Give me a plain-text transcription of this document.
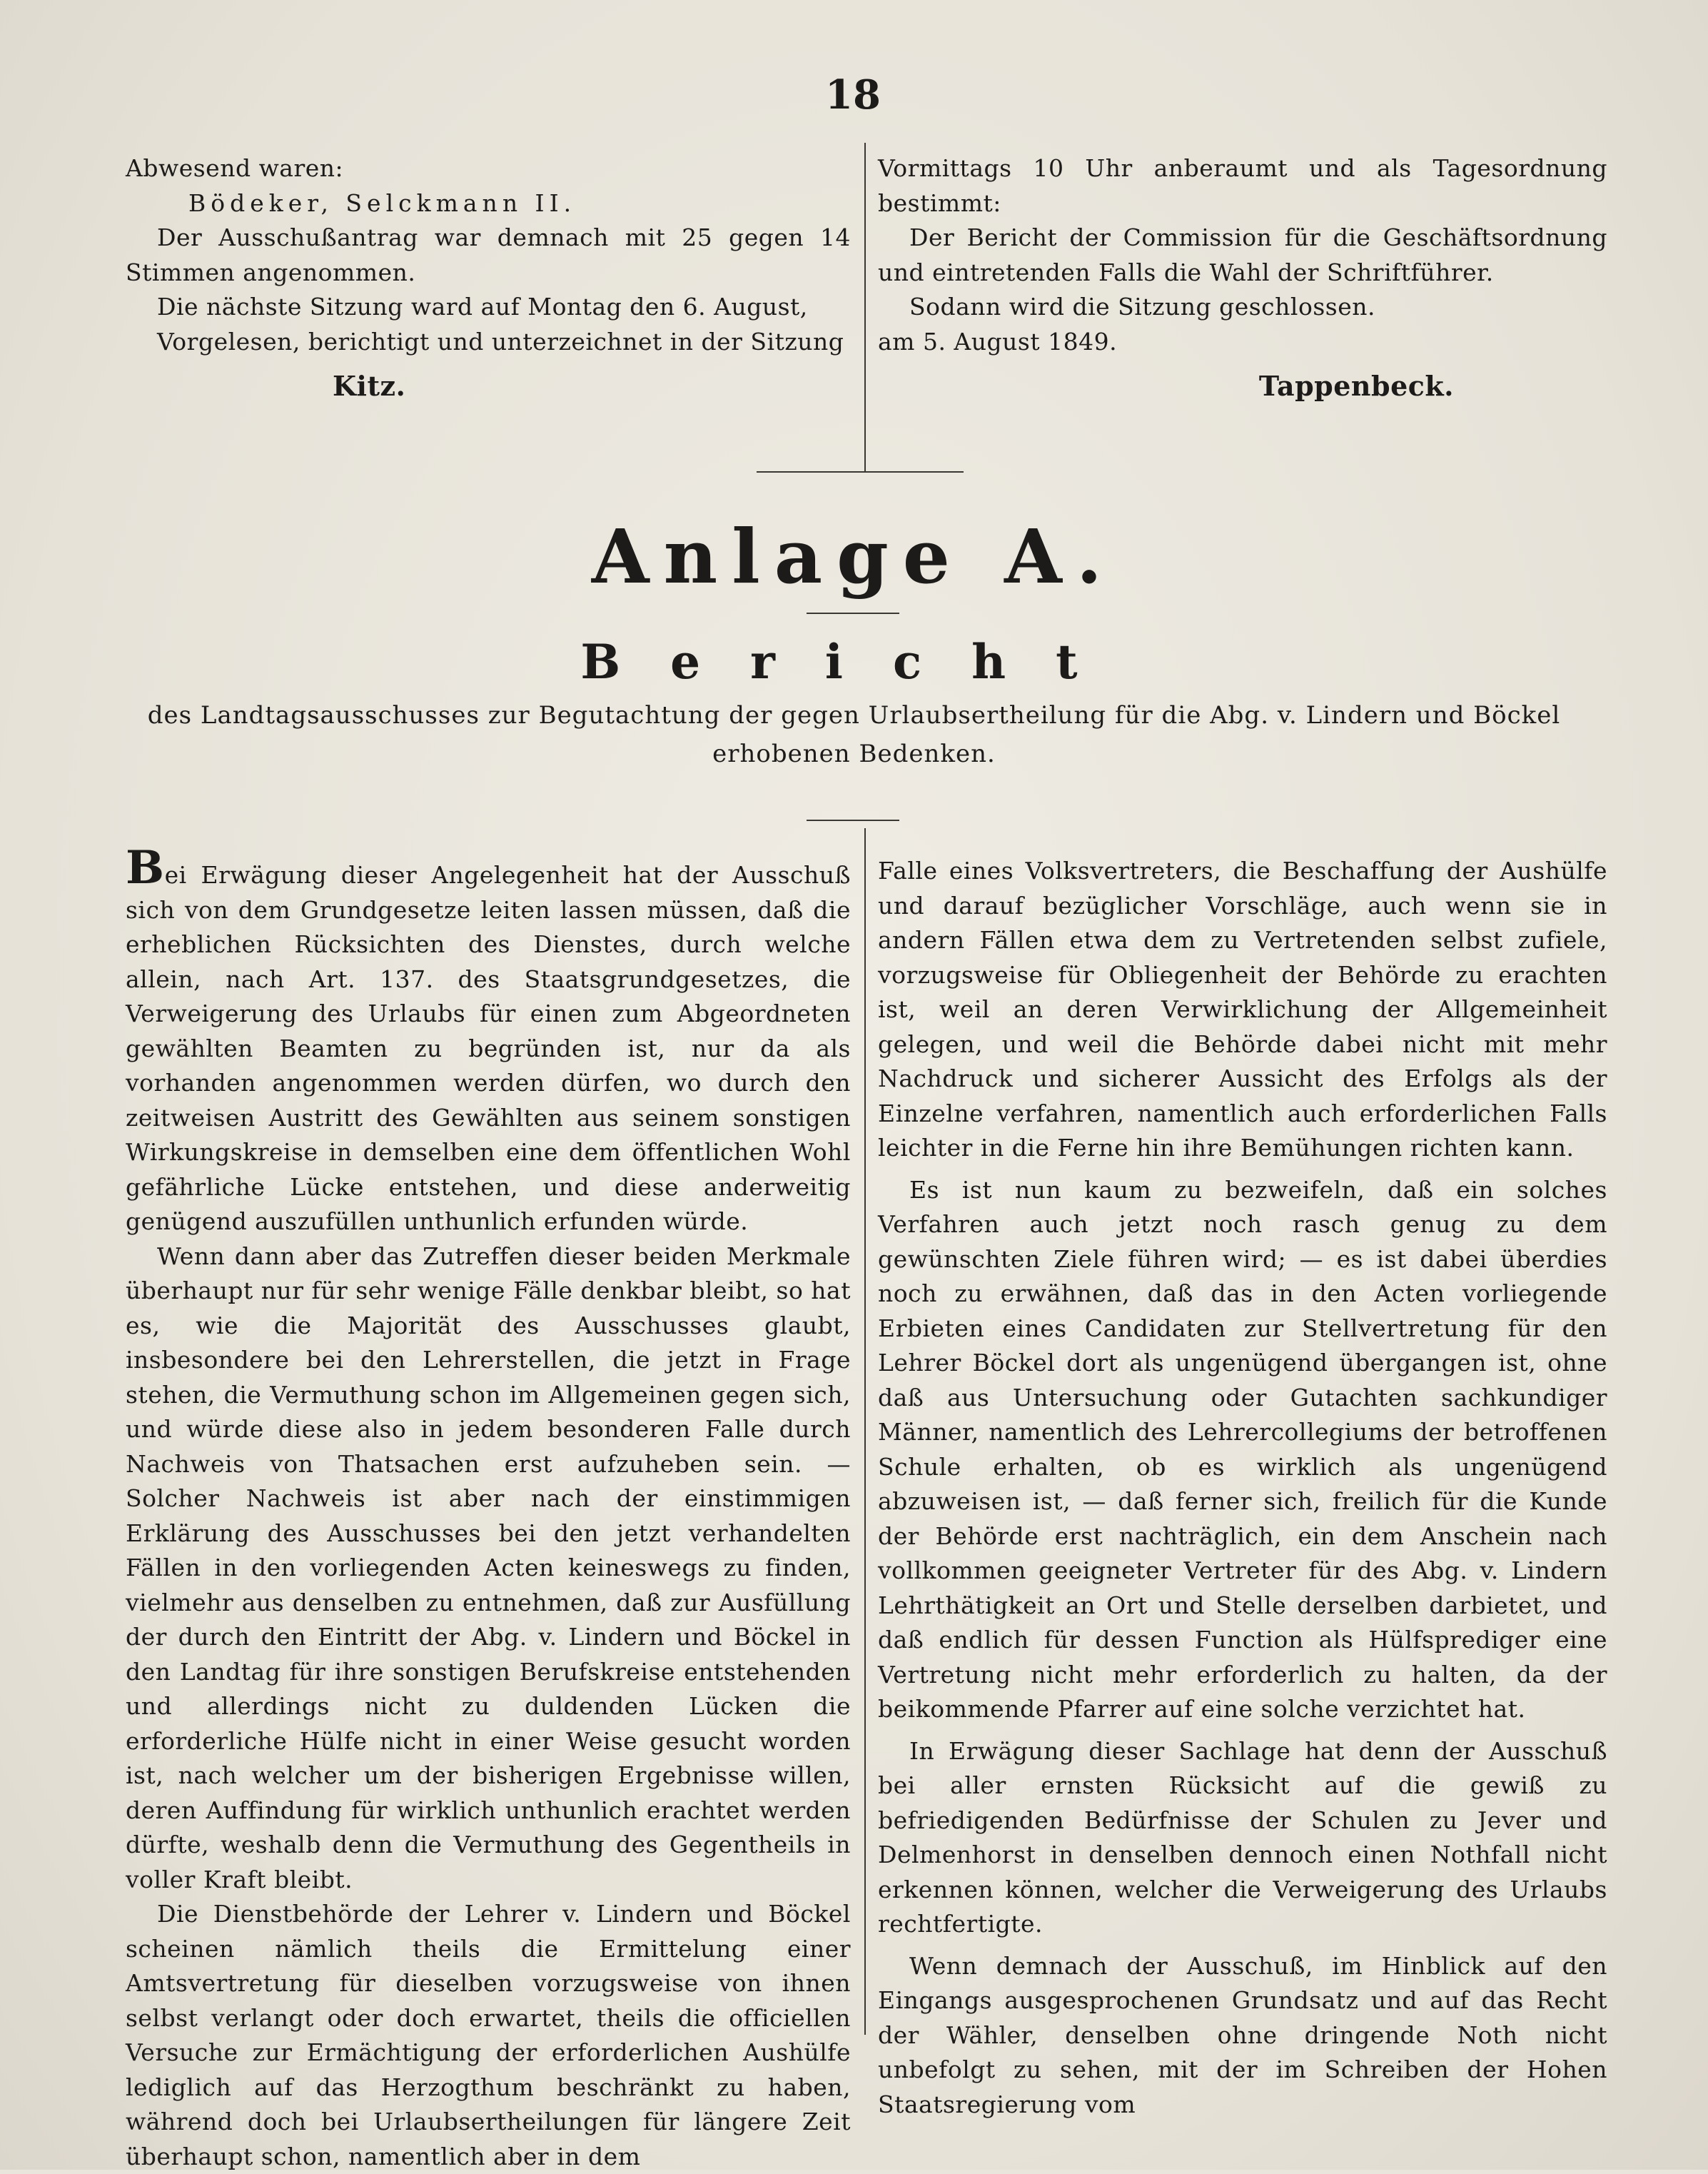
18

Abwesend waren:

Bödeker, Selckmann II.

Der Ausschußantrag war demnach mit 25 gegen 14 Stimmen angenommen.

Die nächste Sitzung ward auf Montag den 6. August,

Vorgelesen, berichtigt und unterzeichnet in der Sitzung

Kitz.

Vormittags 10 Uhr anberaumt und als Tagesordnung bestimmt:

Der Bericht der Commission für die Geschäftsordnung und eintretenden Falls die Wahl der Schriftführer.

Sodann wird die Sitzung geschlossen.

am 5. August 1849.

Tappenbeck.

Anlage A.
Bericht
des Landtagsausschusses zur Begutachtung der gegen Urlaubsertheilung für die Abg. v. Lindern und Böckel erhobenen Bedenken.

Bei Erwägung dieser Angelegenheit hat der Ausschuß sich von dem Grundgesetze leiten lassen müssen, daß die erheblichen Rücksichten des Dienstes, durch welche allein, nach Art. 137. des Staatsgrundgesetzes, die Verweigerung des Urlaubs für einen zum Abgeordneten gewählten Beamten zu begründen ist, nur da als vorhanden angenommen werden dürfen, wo durch den zeitweisen Austritt des Gewählten aus seinem sonstigen Wirkungskreise in demselben eine dem öffentlichen Wohl gefährliche Lücke entstehen, und diese anderweitig genügend auszufüllen unthunlich erfunden würde.

Wenn dann aber das Zutreffen dieser beiden Merkmale überhaupt nur für sehr wenige Fälle denkbar bleibt, so hat es, wie die Majorität des Ausschusses glaubt, insbesondere bei den Lehrerstellen, die jetzt in Frage stehen, die Vermuthung schon im Allgemeinen gegen sich, und würde diese also in jedem besonderen Falle durch Nachweis von Thatsachen erst aufzuheben sein. — Solcher Nachweis ist aber nach der einstimmigen Erklärung des Ausschusses bei den jetzt verhandelten Fällen in den vorliegenden Acten keineswegs zu finden, vielmehr aus denselben zu entnehmen, daß zur Ausfüllung der durch den Eintritt der Abg. v. Lindern und Böckel in den Landtag für ihre sonstigen Berufskreise entstehenden und allerdings nicht zu duldenden Lücken die erforderliche Hülfe nicht in einer Weise gesucht worden ist, nach welcher um der bisherigen Ergebnisse willen, deren Auffindung für wirklich unthunlich erachtet werden dürfte, weshalb denn die Vermuthung des Gegentheils in voller Kraft bleibt.

Die Dienstbehörde der Lehrer v. Lindern und Böckel scheinen nämlich theils die Ermittelung einer Amtsvertretung für dieselben vorzugsweise von ihnen selbst verlangt oder doch erwartet, theils die officiellen Versuche zur Ermächtigung der erforderlichen Aushülfe lediglich auf das Herzogthum beschränkt zu haben, während doch bei Urlaubsertheilungen für längere Zeit überhaupt schon, namentlich aber in dem

Falle eines Volksvertreters, die Beschaffung der Aushülfe und darauf bezüglicher Vorschläge, auch wenn sie in andern Fällen etwa dem zu Vertretenden selbst zufiele, vorzugsweise für Obliegenheit der Behörde zu erachten ist, weil an deren Verwirklichung der Allgemeinheit gelegen, und weil die Behörde dabei nicht mit mehr Nachdruck und sicherer Aussicht des Erfolgs als der Einzelne verfahren, namentlich auch erforderlichen Falls leichter in die Ferne hin ihre Bemühungen richten kann.

Es ist nun kaum zu bezweifeln, daß ein solches Verfahren auch jetzt noch rasch genug zu dem gewünschten Ziele führen wird; — es ist dabei überdies noch zu erwähnen, daß das in den Acten vorliegende Erbieten eines Candidaten zur Stellvertretung für den Lehrer Böckel dort als ungenügend übergangen ist, ohne daß aus Untersuchung oder Gutachten sachkundiger Männer, namentlich des Lehrercollegiums der betroffenen Schule erhalten, ob es wirklich als ungenügend abzuweisen ist, — daß ferner sich, freilich für die Kunde der Behörde erst nachträglich, ein dem Anschein nach vollkommen geeigneter Vertreter für des Abg. v. Lindern Lehrthätigkeit an Ort und Stelle derselben darbietet, und daß endlich für dessen Function als Hülfsprediger eine Vertretung nicht mehr erforderlich zu halten, da der beikommende Pfarrer auf eine solche verzichtet hat.

In Erwägung dieser Sachlage hat denn der Ausschuß bei aller ernsten Rücksicht auf die gewiß zu befriedigenden Bedürfnisse der Schulen zu Jever und Delmenhorst in denselben dennoch einen Nothfall nicht erkennen können, welcher die Verweigerung des Urlaubs rechtfertigte.

Wenn demnach der Ausschuß, im Hinblick auf den Eingangs ausgesprochenen Grundsatz und auf das Recht der Wähler, denselben ohne dringende Noth nicht unbefolgt zu sehen, mit der im Schreiben der Hohen Staatsregierung vom
